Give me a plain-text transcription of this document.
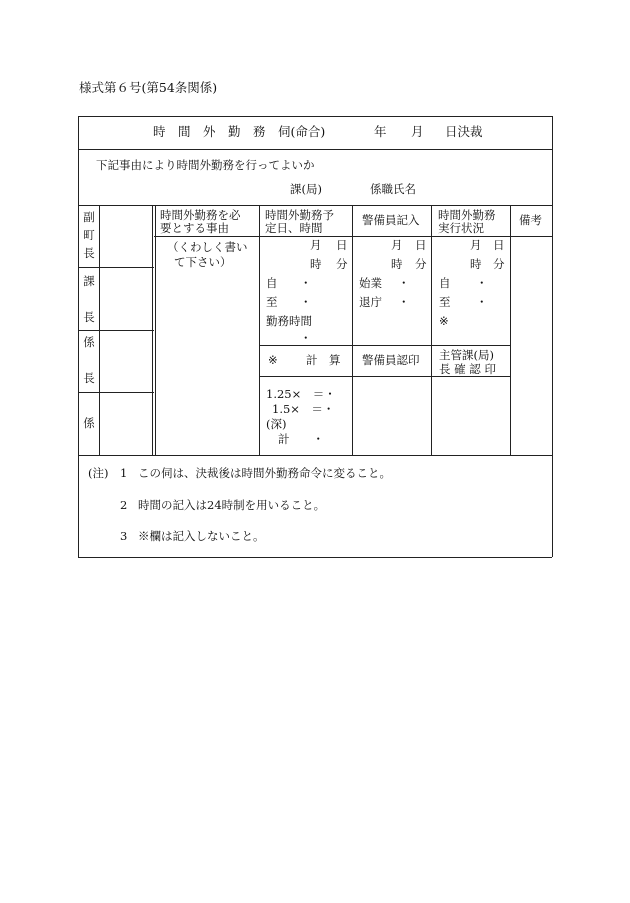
様式第６号(第54条関係)
時　間　外　勤　務　伺(命合)	年 月 日決裁
下記事由により時間外勤務を行ってよいか
課(局)	係職氏名
副
町
長
課
長
係
長
係
時間外勤務を必
要とする事由
時間外勤務予
定日、時間
警備員記入 時間外勤務
実行状況
備考
（くわしく書い
て下さい）
月 日
時 分
自 ・
至 ・
勤務時間
・
月 日
時 分
始業 ・
退庁 ・
月 日
時 分
自 ・
至 ・
※
※ 計　算 警備員認印 主管課(局)
長 確 認 印
1.25×　＝・
1.5×　＝・
(深)
計　　・
(注) 1 この伺は、決裁後は時間外勤務命令に変ること。
2 時間の記入は24時制を用いること。
3 ※欄は記入しないこと。
